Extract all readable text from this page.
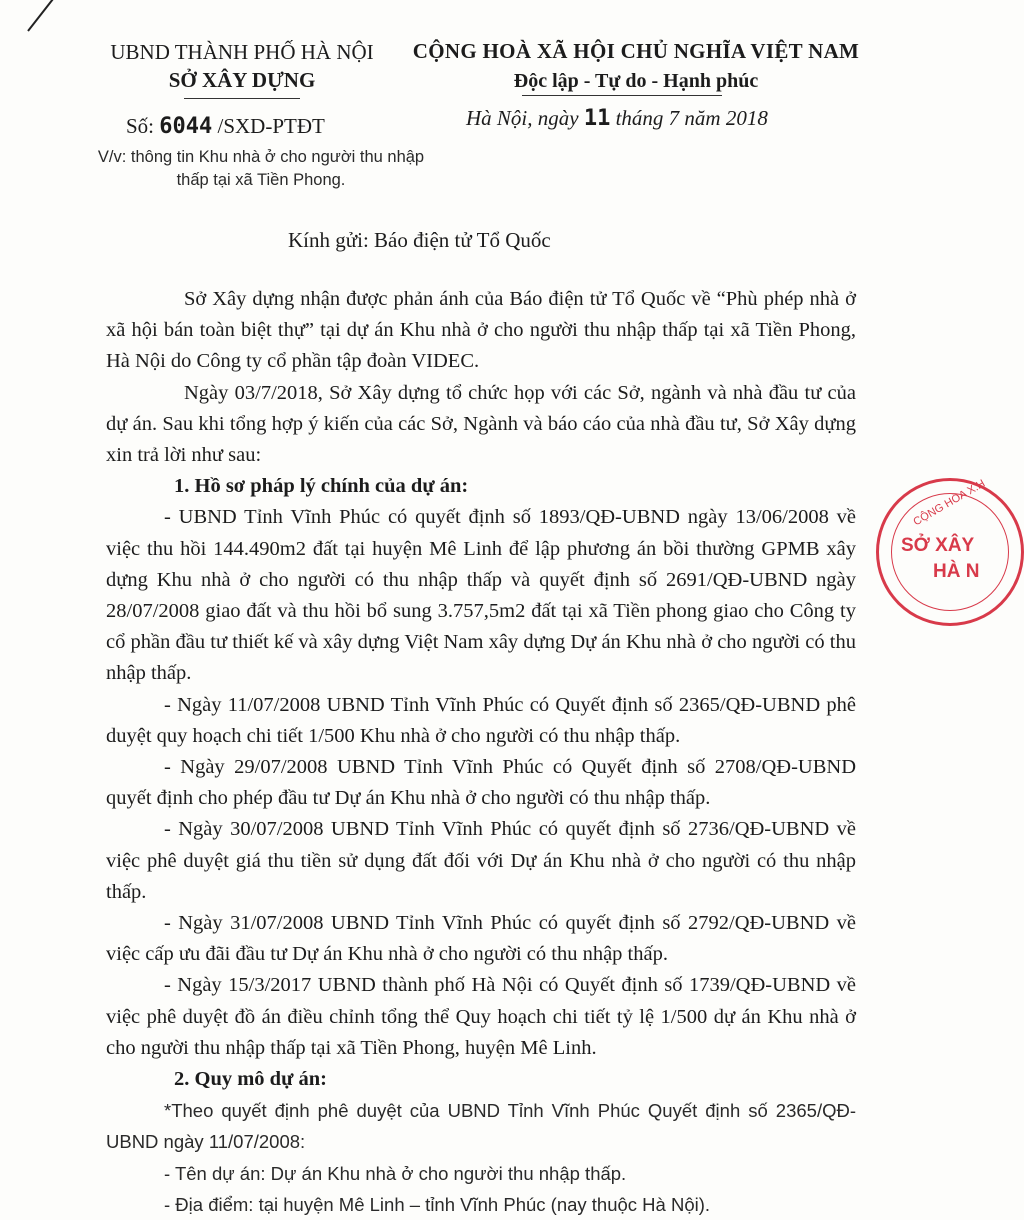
UBND THÀNH PHỐ HÀ NỘI
SỞ XÂY DỰNG
CỘNG HOÀ XÃ HỘI CHỦ NGHĨA VIỆT NAM
Độc lập - Tự do - Hạnh phúc
Số: 6044 /SXD-PTĐT
V/v: thông tin Khu nhà ở cho người thu nhập thấp tại xã Tiền Phong.
Hà Nội, ngày 11 tháng 7 năm 2018
Kính gửi: Báo điện tử Tổ Quốc

Sở Xây dựng nhận được phản ánh của Báo điện tử Tổ Quốc về “Phù phép nhà ở xã hội bán toàn biệt thự” tại dự án Khu nhà ở cho người thu nhập thấp tại xã Tiền Phong, Hà Nội do Công ty cổ phần tập đoàn VIDEC.

Ngày 03/7/2018, Sở Xây dựng tổ chức họp với các Sở, ngành và nhà đầu tư của dự án. Sau khi tổng hợp ý kiến của các Sở, Ngành và báo cáo của nhà đầu tư, Sở Xây dựng xin trả lời như sau:

1. Hồ sơ pháp lý chính của dự án:

- UBND Tỉnh Vĩnh Phúc có quyết định số 1893/QĐ-UBND ngày 13/06/2008 về việc thu hồi 144.490m2 đất tại huyện Mê Linh để lập phương án bồi thường GPMB xây dựng Khu nhà ở cho người có thu nhập thấp và quyết định số 2691/QĐ-UBND ngày 28/07/2008 giao đất và thu hồi bổ sung 3.757,5m2 đất tại xã Tiền phong giao cho Công ty cổ phần đầu tư thiết kế và xây dựng Việt Nam xây dựng Dự án Khu nhà ở cho người có thu nhập thấp.

- Ngày 11/07/2008 UBND Tỉnh Vĩnh Phúc có Quyết định số 2365/QĐ-UBND phê duyệt quy hoạch chi tiết 1/500 Khu nhà ở cho người có thu nhập thấp.

- Ngày 29/07/2008 UBND Tỉnh Vĩnh Phúc có Quyết định số 2708/QĐ-UBND quyết định cho phép đầu tư Dự án Khu nhà ở cho người có thu nhập thấp.

- Ngày 30/07/2008 UBND Tỉnh Vĩnh Phúc có quyết định số 2736/QĐ-UBND về việc phê duyệt giá thu tiền sử dụng đất đối với Dự án Khu nhà ở cho người có thu nhập thấp.

- Ngày 31/07/2008 UBND Tỉnh Vĩnh Phúc có quyết định số 2792/QĐ-UBND về việc cấp ưu đãi đầu tư Dự án Khu nhà ở cho người có thu nhập thấp.

- Ngày 15/3/2017 UBND thành phố Hà Nội có Quyết định số 1739/QĐ-UBND về việc phê duyệt đồ án điều chỉnh tổng thể Quy hoạch chi tiết tỷ lệ 1/500 dự án Khu nhà ở cho người thu nhập thấp tại xã Tiền Phong, huyện Mê Linh.

2. Quy mô dự án:

*Theo quyết định phê duyệt của UBND Tỉnh Vĩnh Phúc Quyết định số 2365/QĐ-UBND ngày 11/07/2008:

- Tên dự án: Dự án Khu nhà ở cho người thu nhập thấp.

- Địa điểm: tại huyện Mê Linh – tỉnh Vĩnh Phúc (nay thuộc Hà Nội).

CỘNG HÒA X.H
SỞ XÂY
HÀ N
